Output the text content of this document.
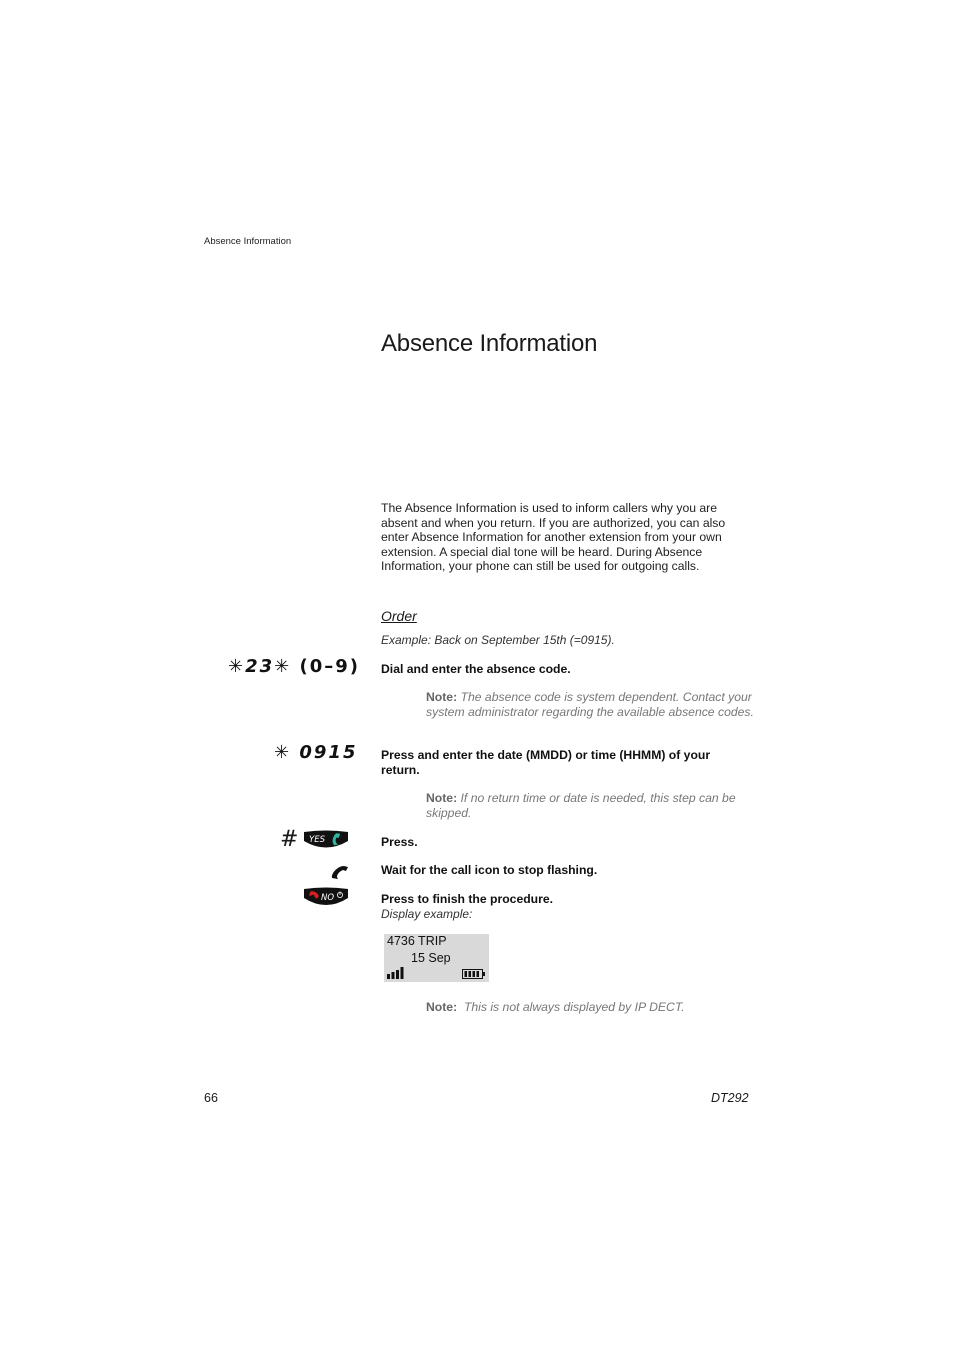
Absence Information
Absence Information
The Absence Information is used to inform callers why you are absent and when you return. If you are authorized, you can also enter Absence Information for another extension from your own extension. A special dial tone will be heard. During Absence Information, your phone can still be used for outgoing calls.
Order
Example: Back on September 15th (=0915).
✳23✳ (0–9) Dial and enter the absence code.
Note: The absence code is system dependent. Contact your system administrator regarding the available absence codes.
✳ 0915 Press and enter the date (MMDD) or time (HHMM) of your return.
Note: If no return time or date is needed, this step can be skipped.
# YES	Press.
Wait for the call icon to stop flashing.
NO	Press to finish the procedure.
Display example:
4736 TRIP
15 Sep
Note: This is not always displayed by IP DECT.
66	DT292
